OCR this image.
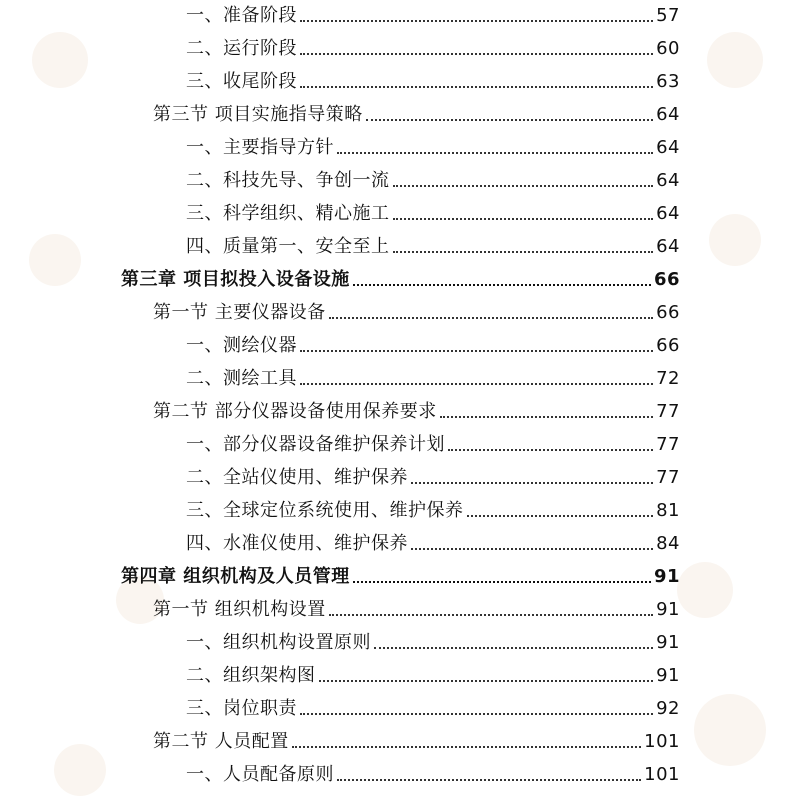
一、准备阶段	57
二、运行阶段	60
三、收尾阶段	63
第三节 项目实施指导策略	64
一、主要指导方针	64
二、科技先导、争创一流	64
三、科学组织、精心施工	64
四、质量第一、安全至上	64
第三章 项目拟投入设备设施	66
第一节 主要仪器设备	66
一、测绘仪器	66
二、测绘工具	72
第二节 部分仪器设备使用保养要求	77
一、部分仪器设备维护保养计划	77
二、全站仪使用、维护保养	77
三、全球定位系统使用、维护保养	81
四、水准仪使用、维护保养	84
第四章 组织机构及人员管理	91
第一节 组织机构设置	91
一、组织机构设置原则	91
二、组织架构图	91
三、岗位职责	92
第二节 人员配置	101
一、人员配备原则	101
